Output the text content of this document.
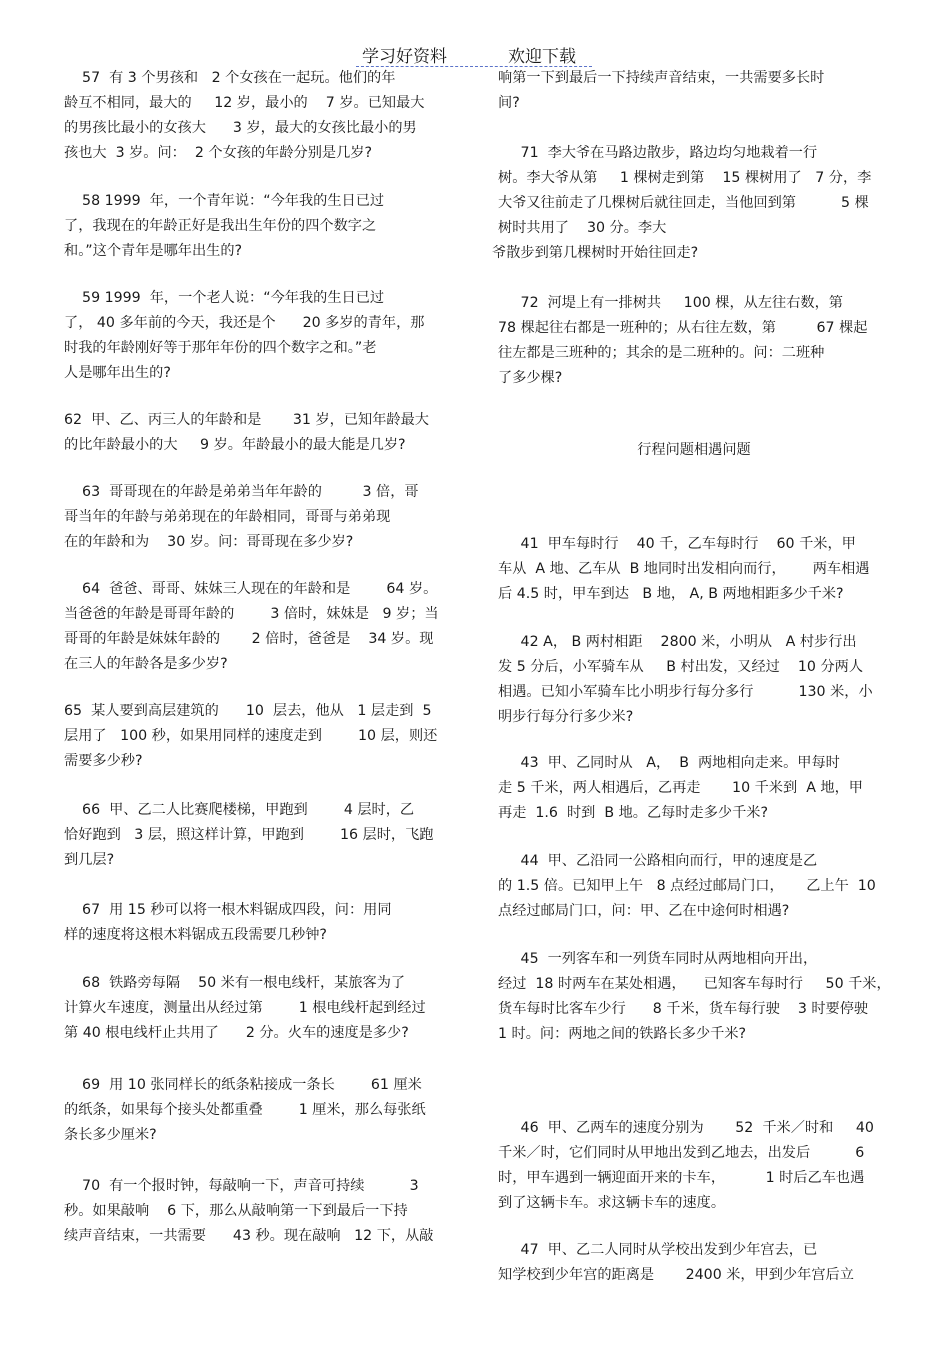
学习好资料

	欢迎下载

57  有 3 个男孩和   2 个女孩在一起玩。他们的年
龄互不相同，最大的     12 岁，最小的    7 岁。已知最大
的男孩比最小的女孩大      3 岁，最大的女孩比最小的男
孩也大  3 岁。问：  2 个女孩的年龄分别是几岁?
58 1999  年，一个青年说：“今年我的生日已过
了，我现在的年龄正好是我出生年份的四个数字之
和。”这个青年是哪年出生的?
59 1999  年，一个老人说：“今年我的生日已过
了， 40 多年前的今天，我还是个      20 多岁的青年，那
时我的年龄刚好等于那年年份的四个数字之和。”老
人是哪年出生的?
62  甲、乙、丙三人的年龄和是       31 岁，已知年龄最大
的比年龄最小的大     9 岁。年龄最小的最大能是几岁?
63  哥哥现在的年龄是弟弟当年年龄的         3 倍，哥
哥当年的年龄与弟弟现在的年龄相同，哥哥与弟弟现
在的年龄和为    30 岁。问：哥哥现在多少岁?
64  爸爸、哥哥、妹妹三人现在的年龄和是        64 岁。
当爸爸的年龄是哥哥年龄的        3 倍时，妹妹是   9 岁；当
哥哥的年龄是妹妹年龄的       2 倍时，爸爸是    34 岁。现
在三人的年龄各是多少岁?
65  某人要到高层建筑的      10  层去，他从   1 层走到  5
层用了   100 秒，如果用同样的速度走到        10 层，则还
需要多少秒?
66  甲、乙二人比赛爬楼梯，甲跑到        4 层时，乙
恰好跑到   3 层，照这样计算，甲跑到        16 层时，飞跑
到几层?
67  用 15 秒可以将一根木料锯成四段，问：用同
样的速度将这根木料锯成五段需要几秒钟?
68  铁路旁每隔    50 米有一根电线杆，某旅客为了
计算火车速度，测量出从经过第        1 根电线杆起到经过
第 40 根电线杆止共用了      2 分。火车的速度是多少?
69  用 10 张同样长的纸条粘接成一条长        61 厘米
的纸条，如果每个接头处都重叠        1 厘米，那么每张纸
条长多少厘米?
70  有一个报时钟，每敲响一下，声音可持续          3
秒。如果敲响    6 下，那么从敲响第一下到最后一下持
续声音结束，一共需要      43 秒。现在敲响   12 下，从敲
响第一下到最后一下持续声音结束，一共需要多长时
间?
71  李大爷在马路边散步，路边均匀地栽着一行
树。李大爷从第     1 棵树走到第    15 棵树用了   7 分，李
大爷又往前走了几棵树后就往回走，当他回到第          5 棵
树时共用了    30 分。李大
爷散步到第几棵树时开始往回走?
72  河堤上有一排树共     100 棵，从左往右数，第
78 棵起往右都是一班种的；从右往左数，第         67 棵起
往左都是三班种的；其余的是二班种的。问：二班种
了多少棵?
行程问题相遇问题
41  甲车每时行    40 千，乙车每时行    60 千米，甲
车从  A 地、乙车从  B 地同时出发相向而行，      两车相遇
后 4.5 时，甲车到达   B 地， A, B 两地相距多少千米?
42 A， B 两村相距    2800 米，小明从   A 村步行出
发 5 分后，小军骑车从     B 村出发，又经过    10 分两人
相遇。已知小军骑车比小明步行每分多行          130 米，小
明步行每分行多少米?
43  甲、乙同时从   A，  B  两地相向走来。甲每时
走 5 千米，两人相遇后，乙再走       10 千米到  A 地，甲
再走  1.6  时到  B 地。乙每时走多少千米?
44  甲、乙沿同一公路相向而行，甲的速度是乙
的 1.5 倍。已知甲上午   8 点经过邮局门口，     乙上午  10
点经过邮局门口，问：甲、乙在中途何时相遇?
45  一列客车和一列货车同时从两地相向开出，
经过  18 时两车在某处相遇，    已知客车每时行     50 千米，
货车每时比客车少行      8 千米，货车每行驶    3 时要停驶
1 时。问：两地之间的铁路长多少千米?
46  甲、乙两车的速度分别为       52  千米／时和     40
千米／时，它们同时从甲地出发到乙地去，出发后          6
时，甲车遇到一辆迎面开来的卡车，         1 时后乙车也遇
到了这辆卡车。求这辆卡车的速度。
47  甲、乙二人同时从学校出发到少年宫去，已
知学校到少年宫的距离是       2400 米，甲到少年宫后立
